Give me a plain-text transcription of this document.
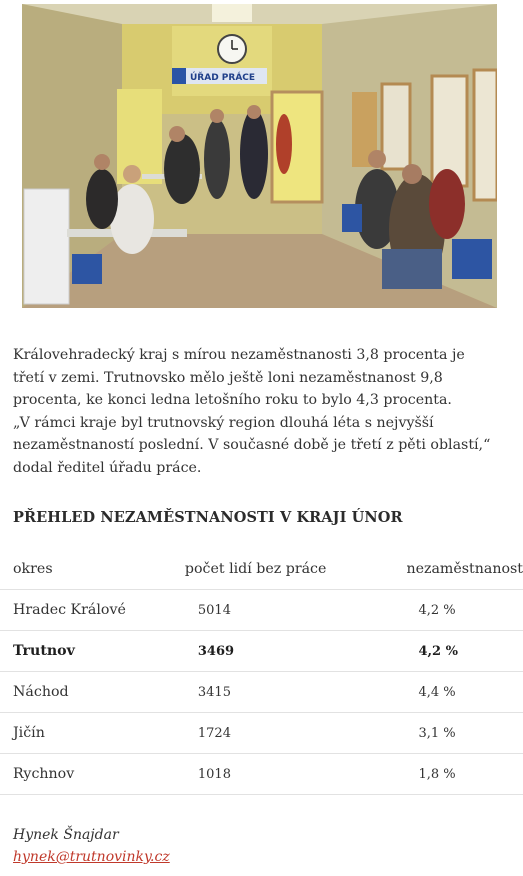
ÚŘAD PRÁCE

Královehradecký kraj s mírou nezaměstnanosti 3,8 procenta je

třetí v zemi. Trutnovsko mělo ještě loni nezaměstnanost 9,8

procenta, ke konci ledna letošního roku to bylo 4,3 procenta.

„V rámci kraje byl trutnovský region dlouhá léta s nejvyšší

nezaměstnaností poslední. V současné době je třetí z pěti oblastí,“

dodal ředitel úřadu práce.

PŘEHLED NEZAMĚSTNANOSTI V KRAJI ÚNOR
okres	počet lidí bez práce	nezaměstnanost
Hradec Králové	5014	4,2 %
Trutnov	3469	4,2 %
Náchod	3415	4,4 %
Jičín	1724	3,1 %
Rychnov	1018	1,8 %
Hynek Šnajdar
hynek@trutnovinky.cz
